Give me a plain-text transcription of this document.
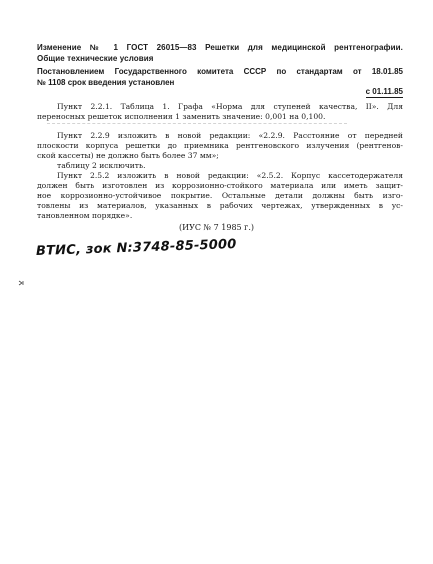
Изменение № 1 ГОСТ 26015—83 Решетки для медицинской рентгенографии.
Общие технические условия
Постановлением Государственного комитета СССР по стандартам от 18.01.85
№ 1108 срок введения установлен
с 01.11.85

Пункт 2.2.1. Таблица 1. Графа «Норма для ступеней качества, II». Для

переносных решеток исполнения 1 заменить значение: 0,001 на 0,100.

Пункт 2.2.9 изложить в новой редакции: «2.2.9. Расстояние от передней

плоскости корпуса решетки до приемника рентгеновского излучения (рентгенов-

ской кассеты) не должно быть более 37 мм»;

таблицу 2 исключить.

Пункт 2.5.2 изложить в новой редакции: «2.5.2. Корпус кассетодержателя

должен быть изготовлен из коррозионно-стойкого материала или иметь защит-

ное коррозионно-устойчивое покрытие. Остальные детали должны быть изго-

товлены из материалов, указанных в рабочих чертежах, утвержденных в ус-

тановленном порядке».

(ИУС № 7 1985 г.)
ВТИС, зок N:3748-85-5000
